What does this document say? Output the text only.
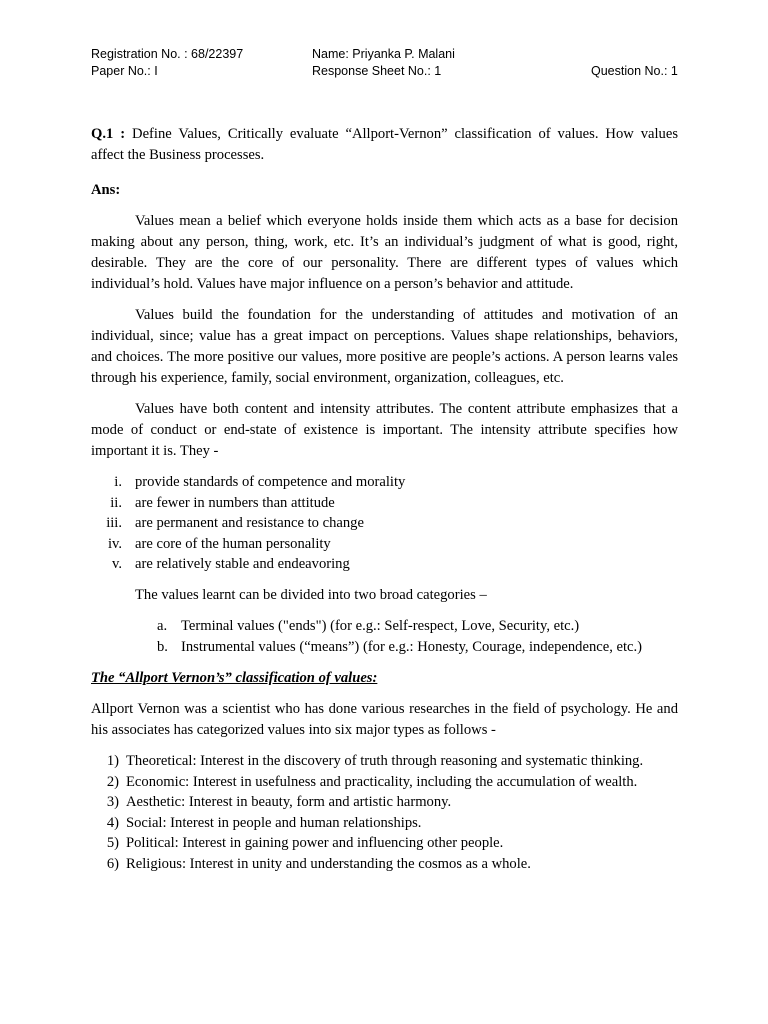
Registration No. : 68/22397	Name: Priyanka P. Malani
Paper No.: I	Response Sheet No.: 1	Question No.: 1

Q.1 : Define Values, Critically evaluate “Allport-Vernon” classification of values. How values affect the Business processes.

Ans:

Values mean a belief which everyone holds inside them which acts as a base for decision making about any person, thing, work, etc. It’s an individual’s judgment of what is good, right, desirable. They are the core of our personality. There are different types of values which individual’s hold. Values have major influence on a person’s behavior and attitude.

Values build the foundation for the understanding of attitudes and motivation of an individual, since; value has a great impact on perceptions. Values shape relationships, behaviors, and choices. The more positive our values, more positive are people’s actions. A person learns vales through his experience, family, social environment, organization, colleagues, etc.

Values have both content and intensity attributes. The content attribute emphasizes that a mode of conduct or end-state of existence is important. The intensity attribute specifies how important it is. They -

i. provide standards of competence and morality
ii. are fewer in numbers than attitude
iii. are permanent and resistance to change
iv. are core of the human personality
v. are relatively stable and endeavoring

The values learnt can be divided into two broad categories –

a. Terminal values ("ends") (for e.g.: Self-respect, Love, Security, etc.)
b. Instrumental values (“means”) (for e.g.: Honesty, Courage, independence, etc.)

The “Allport Vernon’s” classification of values:

Allport Vernon was a scientist who has done various researches in the field of psychology. He and his associates has categorized values into six major types as follows -

1) Theoretical: Interest in the discovery of truth through reasoning and systematic thinking.
2) Economic: Interest in usefulness and practicality, including the accumulation of wealth.
3) Aesthetic: Interest in beauty, form and artistic harmony.
4) Social: Interest in people and human relationships.
5) Political: Interest in gaining power and influencing other people.
6) Religious: Interest in unity and understanding the cosmos as a whole.
